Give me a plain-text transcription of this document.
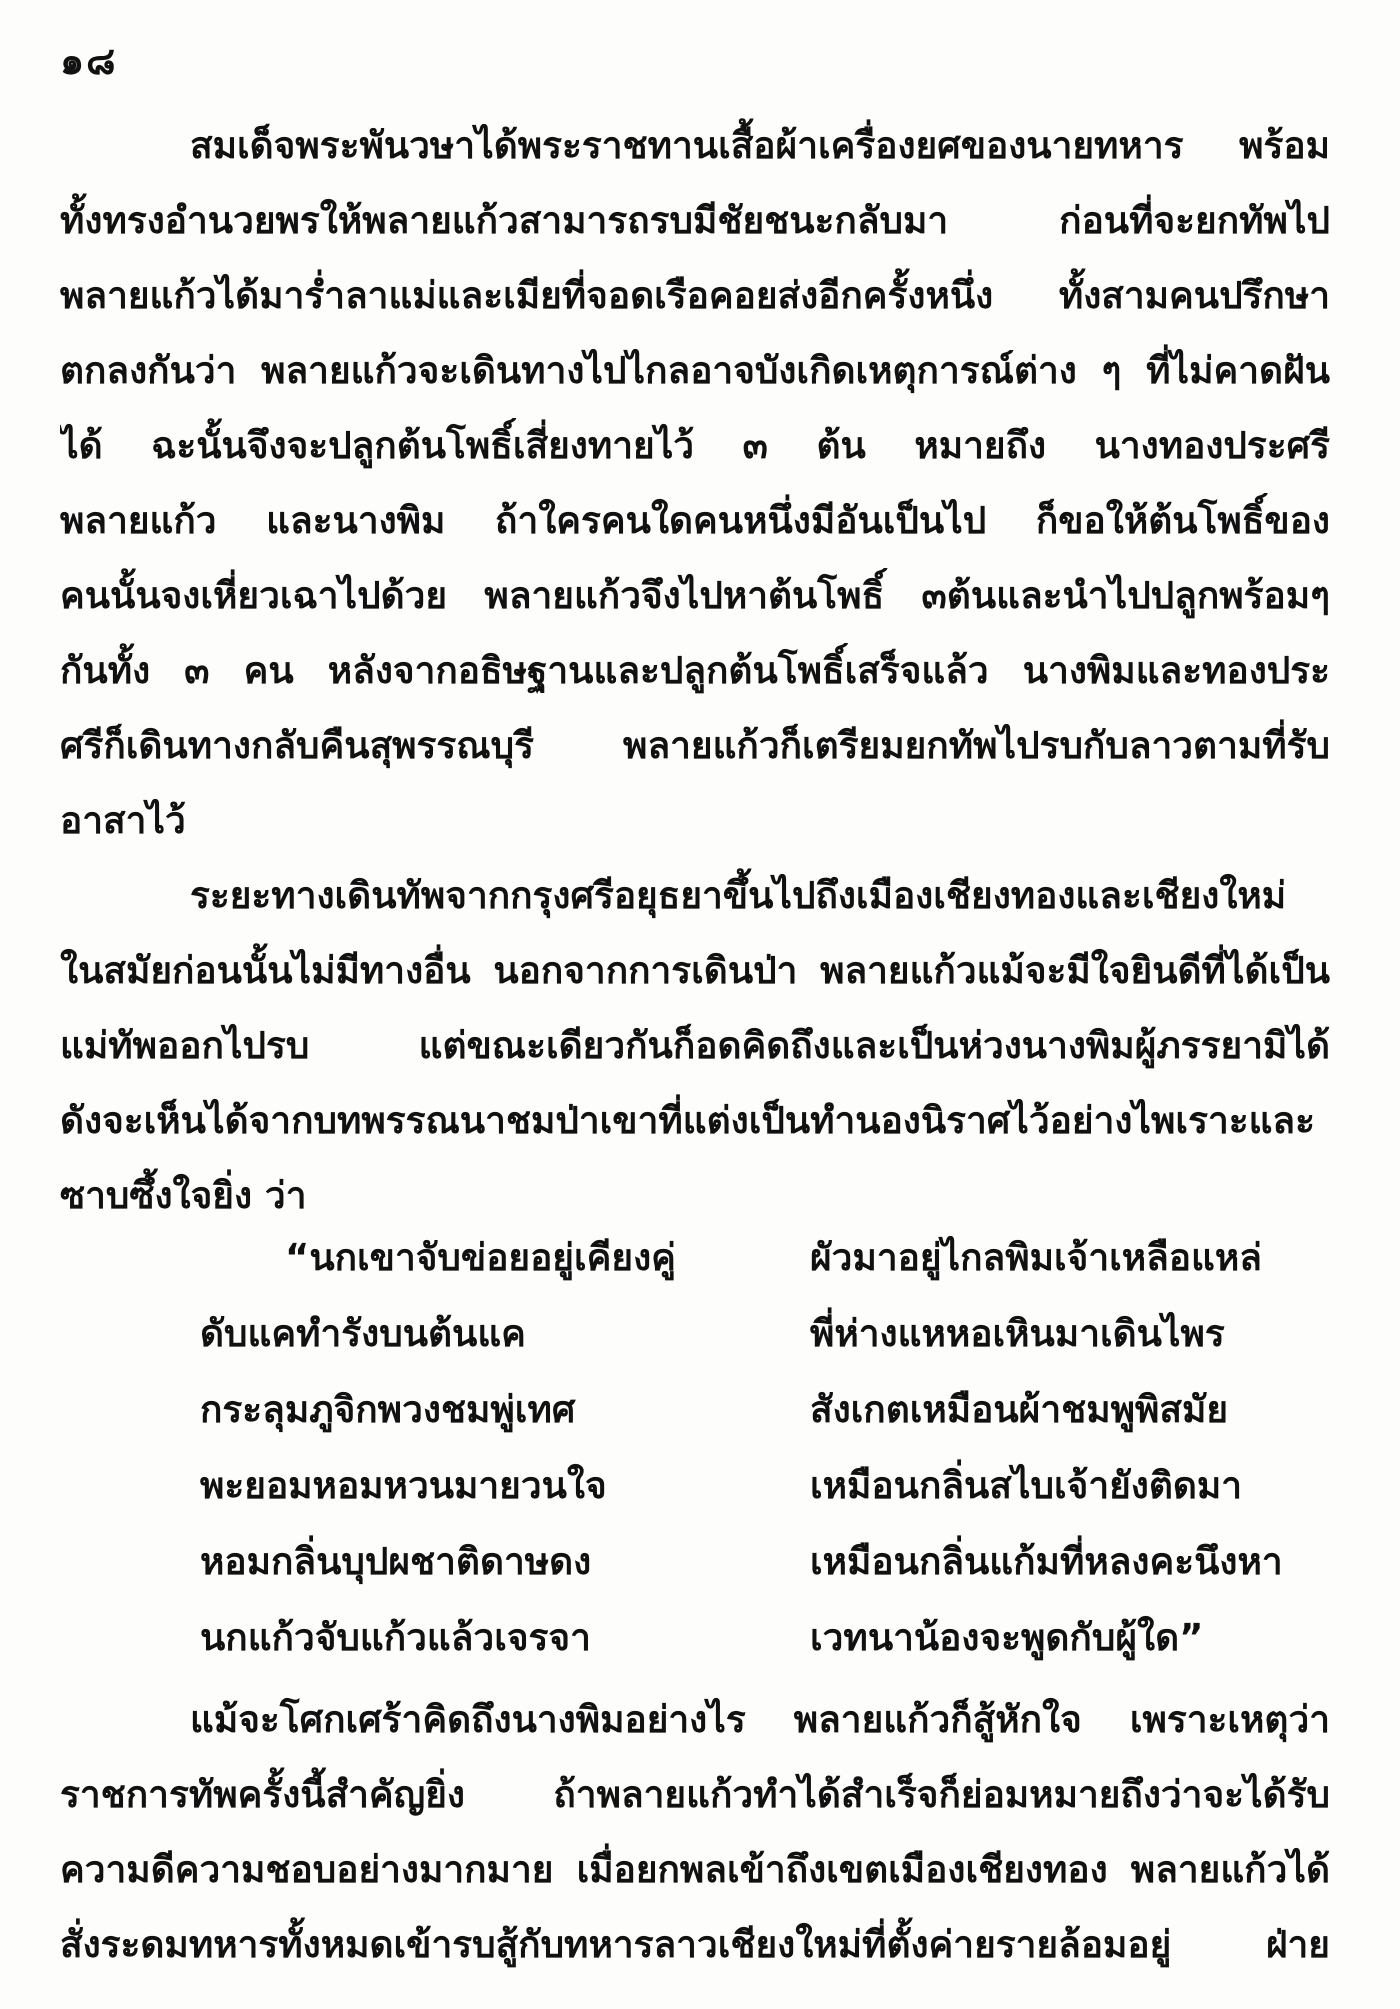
๑๘
สมเด็จพระพันวษาได้พระราชทานเสื้อผ้าเครื่องยศของนายทหาร พร้อม
ทั้งทรงอำนวยพรให้พลายแก้วสามารถรบมีชัยชนะกลับมา ก่อนที่จะยกทัพไป
พลายแก้วได้มาร่ำลาแม่และเมียที่จอดเรือคอยส่งอีกครั้งหนึ่ง ทั้งสามคนปรึกษา
ตกลงกันว่า พลายแก้วจะเดินทางไปไกลอาจบังเกิดเหตุการณ์ต่าง ๆ ที่ไม่คาดฝัน
ได้ ฉะนั้นจึงจะปลูกต้นโพธิ์เสี่ยงทายไว้ ๓ ต้น หมายถึง นางทองประศรี
พลายแก้ว และนางพิม ถ้าใครคนใดคนหนึ่งมีอันเป็นไป ก็ขอให้ต้นโพธิ์ของ
คนนั้นจงเหี่ยวเฉาไปด้วย พลายแก้วจึงไปหาต้นโพธิ์ ๓ต้นและนำไปปลูกพร้อมๆ
กันทั้ง ๓ คน หลังจากอธิษฐานและปลูกต้นโพธิ์เสร็จแล้ว นางพิมและทองประ
ศรีก็เดินทางกลับคืนสุพรรณบุรี พลายแก้วก็เตรียมยกทัพไปรบกับลาวตามที่รับ
อาสาไว้
ระยะทางเดินทัพจากกรุงศรีอยุธยาขึ้นไปถึงเมืองเชียงทองและเชียงใหม่
ในสมัยก่อนนั้นไม่มีทางอื่น นอกจากการเดินป่า พลายแก้วแม้จะมีใจยินดีที่ได้เป็น
แม่ทัพออกไปรบ แต่ขณะเดียวกันก็อดคิดถึงและเป็นห่วงนางพิมผู้ภรรยามิได้
ดังจะเห็นได้จากบทพรรณนาชมป่าเขาที่แต่งเป็นทำนองนิราศไว้อย่างไพเราะและ
ซาบซึ้งใจยิ่ง ว่า
“นกเขาจับข่อยอยู่เคียงคู่	ผัวมาอยู่ไกลพิมเจ้าเหลือแหล่
ดับแคทำรังบนต้นแค	พี่ห่างแหหอเหินมาเดินไพร
กระลุมภูจิกพวงชมพู่เทศ	สังเกตเหมือนผ้าชมพูพิสมัย
พะยอมหอมหวนมายวนใจ	เหมือนกลิ่นสไบเจ้ายังติดมา
หอมกลิ่นบุปผชาติดาษดง	เหมือนกลิ่นแก้มที่หลงคะนึงหา
นกแก้วจับแก้วแล้วเจรจา	เวทนาน้องจะพูดกับผู้ใด”
แม้จะโศกเศร้าคิดถึงนางพิมอย่างไร พลายแก้วก็สู้หักใจ เพราะเหตุว่า
ราชการทัพครั้งนี้สำคัญยิ่ง ถ้าพลายแก้วทำได้สำเร็จก็ย่อมหมายถึงว่าจะได้รับ
ความดีความชอบอย่างมากมาย เมื่อยกพลเข้าถึงเขตเมืองเชียงทอง พลายแก้วได้
สั่งระดมทหารทั้งหมดเข้ารบสู้กับทหารลาวเชียงใหม่ที่ตั้งค่ายรายล้อมอยู่ ฝ่าย
